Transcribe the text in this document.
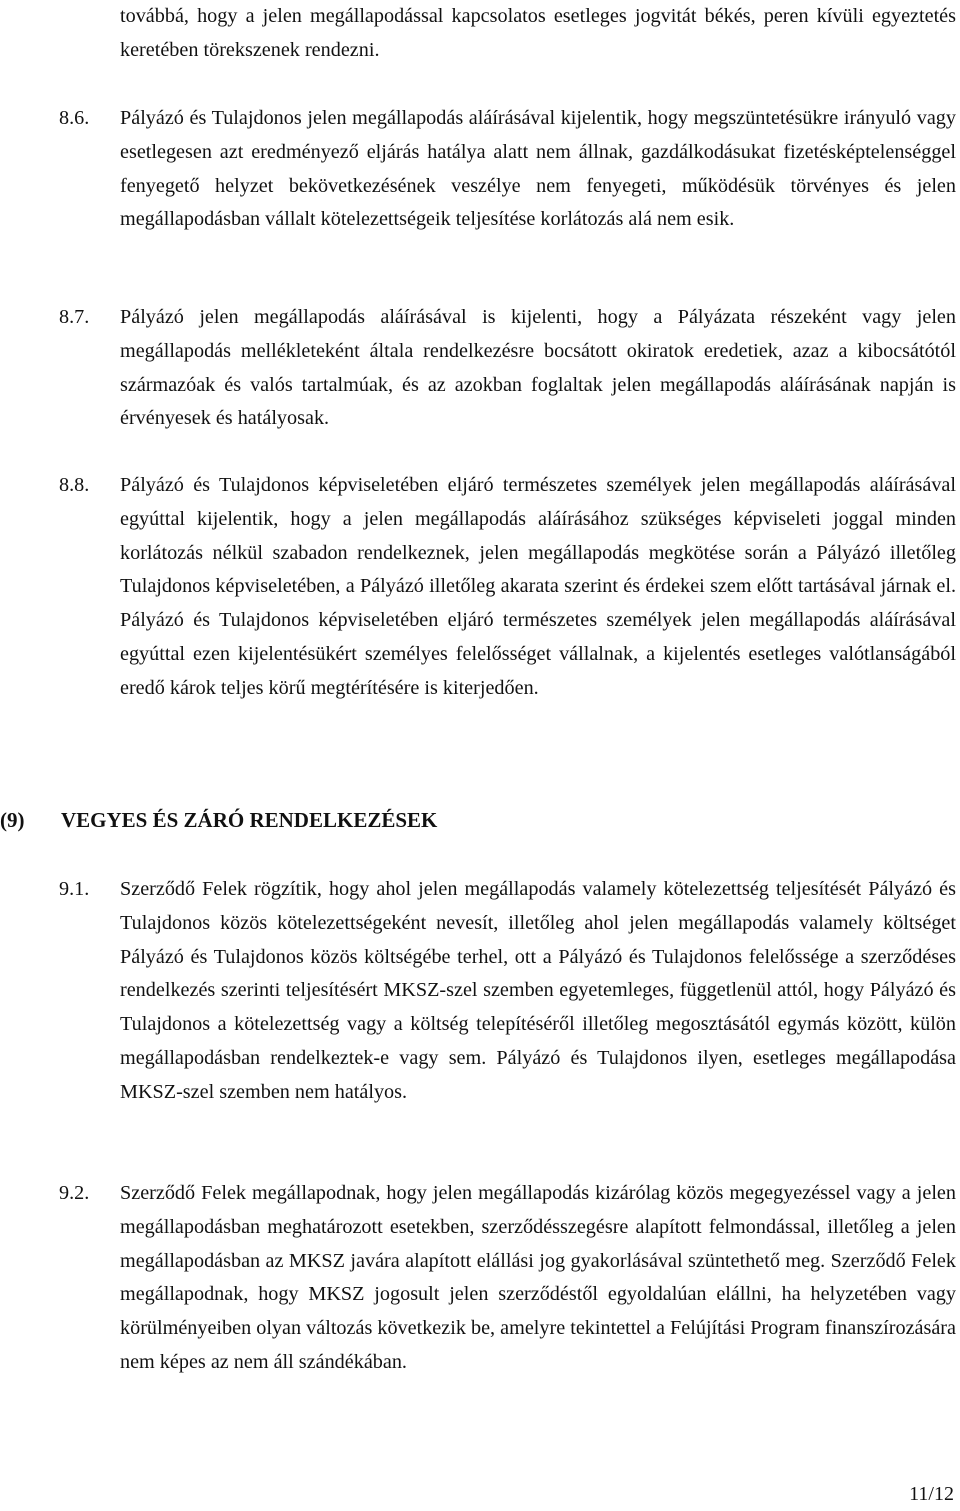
továbbá, hogy a jelen megállapodással kapcsolatos esetleges jogvitát békés, peren kívüli egyeztetés keretében törekszenek rendezni.

8.6. Pályázó és Tulajdonos jelen megállapodás aláírásával kijelentik, hogy megszüntetésükre irányuló vagy esetlegesen azt eredményező eljárás hatálya alatt nem állnak, gazdálkodásukat fizetésképtelenséggel fenyegető helyzet bekövetkezésének veszélye nem fenyegeti, működésük törvényes és jelen megállapodásban vállalt kötelezettségeik teljesítése korlátozás alá nem esik.

8.7. Pályázó jelen megállapodás aláírásával is kijelenti, hogy a Pályázata részeként vagy jelen megállapodás mellékleteként általa rendelkezésre bocsátott okiratok eredetiek, azaz a kibocsátótól származóak és valós tartalmúak, és az azokban foglaltak jelen megállapodás aláírásának napján is érvényesek és hatályosak.

8.8. Pályázó és Tulajdonos képviseletében eljáró természetes személyek jelen megállapodás aláírásával egyúttal kijelentik, hogy a jelen megállapodás aláírásához szükséges képviseleti joggal minden korlátozás nélkül szabadon rendelkeznek, jelen megállapodás megkötése során a Pályázó illetőleg Tulajdonos képviseletében, a Pályázó illetőleg akarata szerint és érdekei szem előtt tartásával járnak el. Pályázó és Tulajdonos képviseletében eljáró természetes személyek jelen megállapodás aláírásával egyúttal ezen kijelentésükért személyes felelősséget vállalnak, a kijelentés esetleges valótlanságából eredő károk teljes körű megtérítésére is kiterjedően.

(9) VEGYES ÉS ZÁRÓ RENDELKEZÉSEK
9.1. Szerződő Felek rögzítik, hogy ahol jelen megállapodás valamely kötelezettség teljesítését Pályázó és Tulajdonos közös kötelezettségeként nevesít, illetőleg ahol jelen megállapodás valamely költséget Pályázó és Tulajdonos közös költségébe terhel, ott a Pályázó és Tulajdonos felelőssége a szerződéses rendelkezés szerinti teljesítésért MKSZ-szel szemben egyetemleges, függetlenül attól, hogy Pályázó és Tulajdonos a kötelezettség vagy a költség telepítéséről illetőleg megosztásától egymás között, külön megállapodásban rendelkeztek-e vagy sem. Pályázó és Tulajdonos ilyen, esetleges megállapodása MKSZ-szel szemben nem hatályos.

9.2. Szerződő Felek megállapodnak, hogy jelen megállapodás kizárólag közös megegyezéssel vagy a jelen megállapodásban meghatározott esetekben, szerződésszegésre alapított felmondással, illetőleg a jelen megállapodásban az MKSZ javára alapított elállási jog gyakorlásával szüntethető meg. Szerződő Felek megállapodnak, hogy MKSZ jogosult jelen szerződéstől egyoldalúan elállni, ha helyzetében vagy körülményeiben olyan változás következik be, amelyre tekintettel a Felújítási Program finanszírozására nem képes az nem áll szándékában.

11/12
